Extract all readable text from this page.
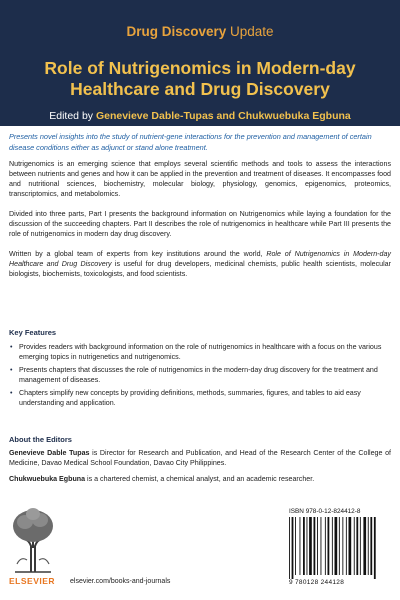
Drug Discovery Update
Role of Nutrigenomics in Modern-day Healthcare and Drug Discovery
Edited by Genevieve Dable-Tupas and Chukwuebuka Egbuna
Presents novel insights into the study of nutrient-gene interactions for the prevention and management of certain disease conditions either as adjunct or stand alone treatment.

Nutrigenomics is an emerging science that employs several scientific methods and tools to assess the interactions between nutrients and genes and how it can be applied in the prevention and treatment of diseases. It encompasses food and nutritional sciences, biochemistry, molecular biology, physiology, genomics, epigenomics, proteomics, transcriptomics, and metabolomics.

Divided into three parts, Part I presents the background information on Nutrigenomics while laying a foundation for the discussion of the succeeding chapters. Part II describes the role of nutrigenomics in healthcare while Part III presents the role of nutrigenomics in modern day drug discovery.

Written by a global team of experts from key institutions around the world, Role of Nutrigenomics in Modern-day Healthcare and Drug Discovery is useful for drug developers, medicinal chemists, public health scientists, molecular biologists, biochemists, toxicologists, and food scientists.

Key Features

• Provides readers with background information on the role of nutrigenomics in healthcare with a focus on the various emerging topics in nutrigenetics and nutrigenomics.
• Presents chapters that discusses the role of nutrigenomics in the modern-day drug discovery for the treatment and management of diseases.
• Chapters simplify new concepts by providing definitions, methods, summaries, figures, and tables to aid easy understanding and application.

About the Editors

Genevieve Dable Tupas is Director for Research and Publication, and Head of the Research Center of the College of Medicine, Davao Medical School Foundation, Davao City Philippines.

Chukwuebuka Egbuna is a chartered chemist, a chemical analyst, and an academic researcher.

ELSEVIER elsevier.com/books-and-journals
ISBN 978-0-12-824412-8
9 780128 244128
